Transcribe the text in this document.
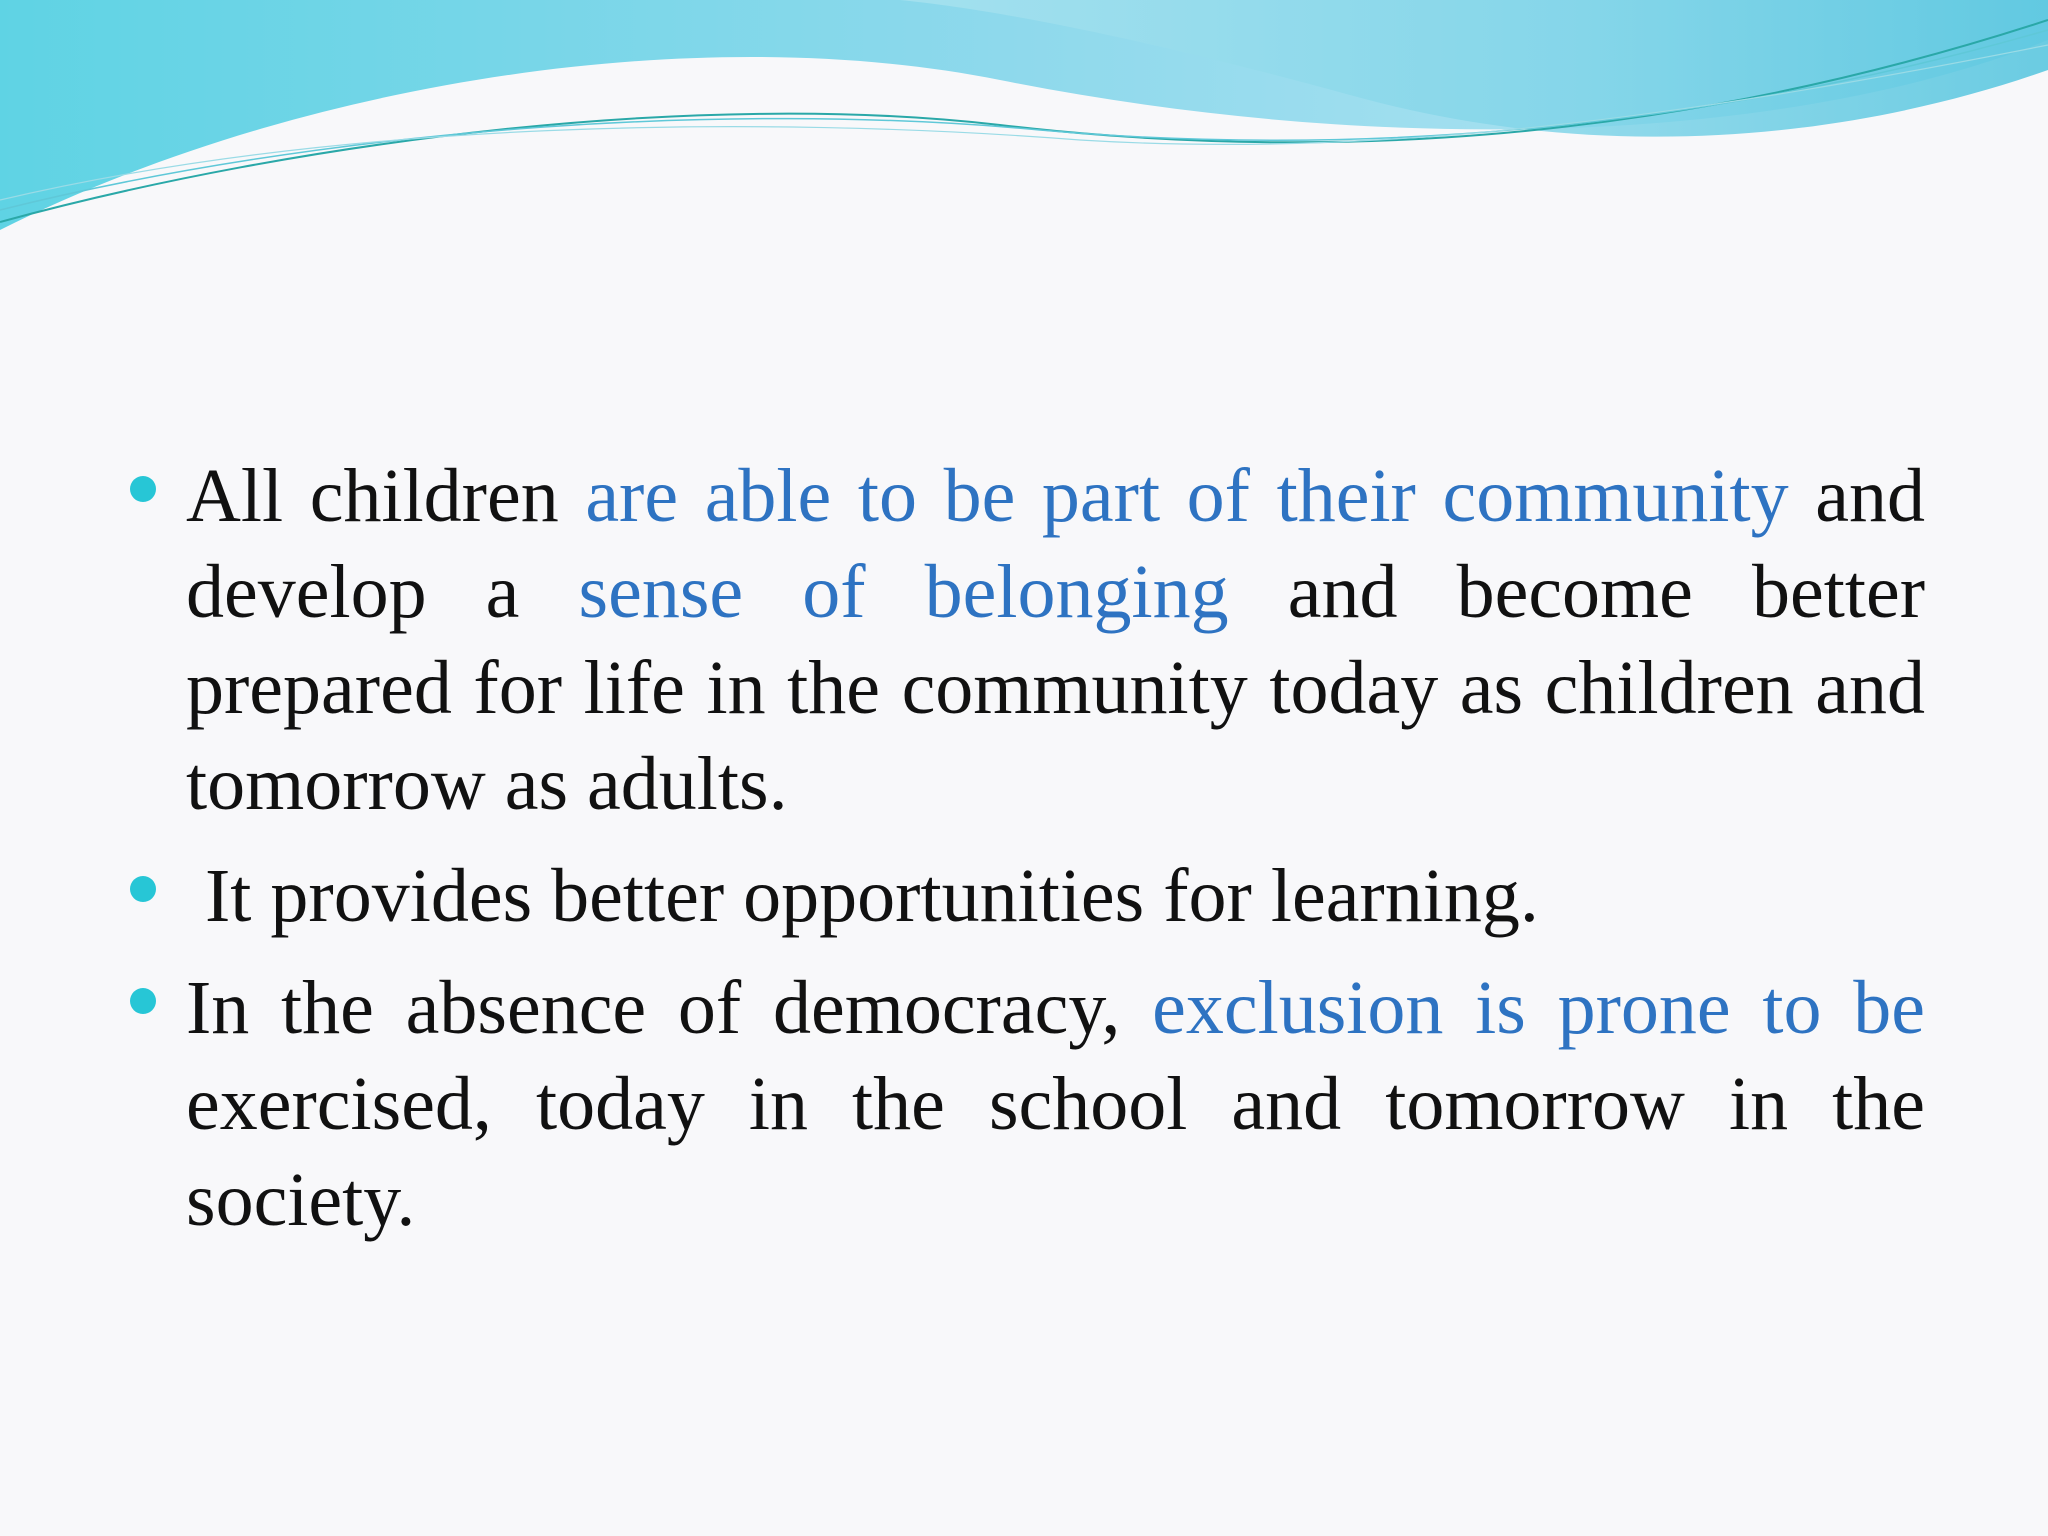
All children are able to be part of their community and develop a sense of belonging and become better prepared for life in the community today as children and tomorrow as adults.
It provides better opportunities for learning.
In the absence of democracy, exclusion is prone to be exercised, today in the school and tomorrow in the society.
